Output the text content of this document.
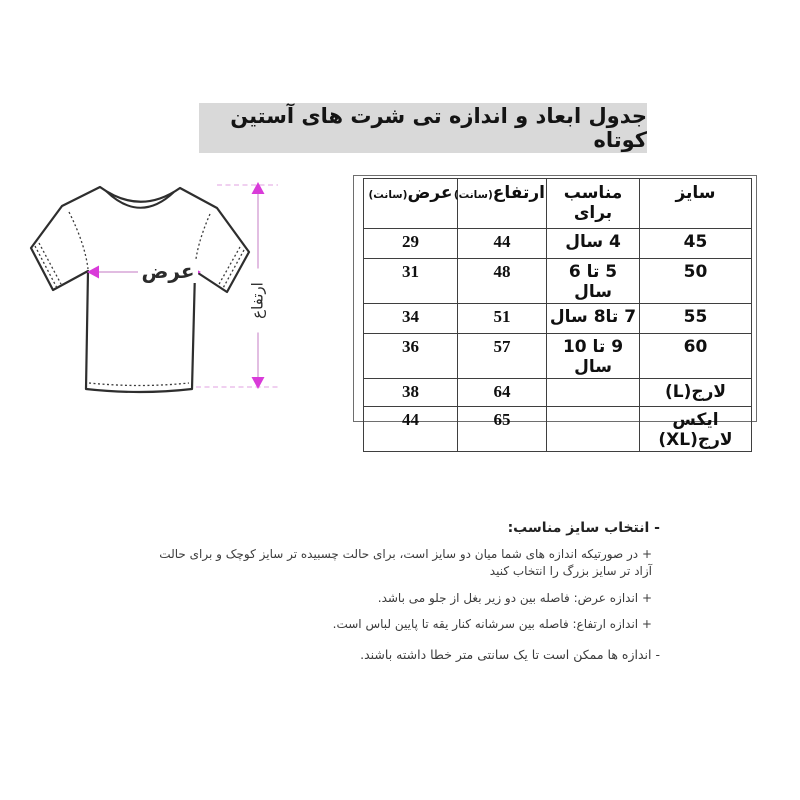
جدول ابعاد و اندازه تی شرت های آستین کوتاه
عرض
ارتفاع
سایز	مناسب برای	ارتفاع(سانت)	عرض(سانت)
45	4 سال	44	29
50	5 تا 6 سال	48	31
55	7 تا8 سال	51	34
60	9 تا 10 سال	57	36
لارج(L)		64	38
ایکس لارج(XL)		65	44
- انتخاب سایز مناسب:
+ در صورتیکه اندازه های شما میان دو سایز است، برای حالت چسبیده تر سایز کوچک و برای حالت آزاد تر سایز بزرگ را انتخاب کنید
+ اندازه عرض: فاصله بین دو زیر بغل از جلو می باشد.
+ اندازه ارتفاع: فاصله بین سرشانه کنار یقه تا پایین لباس است.
- اندازه ها ممکن است تا یک سانتی متر خطا داشته باشند.
